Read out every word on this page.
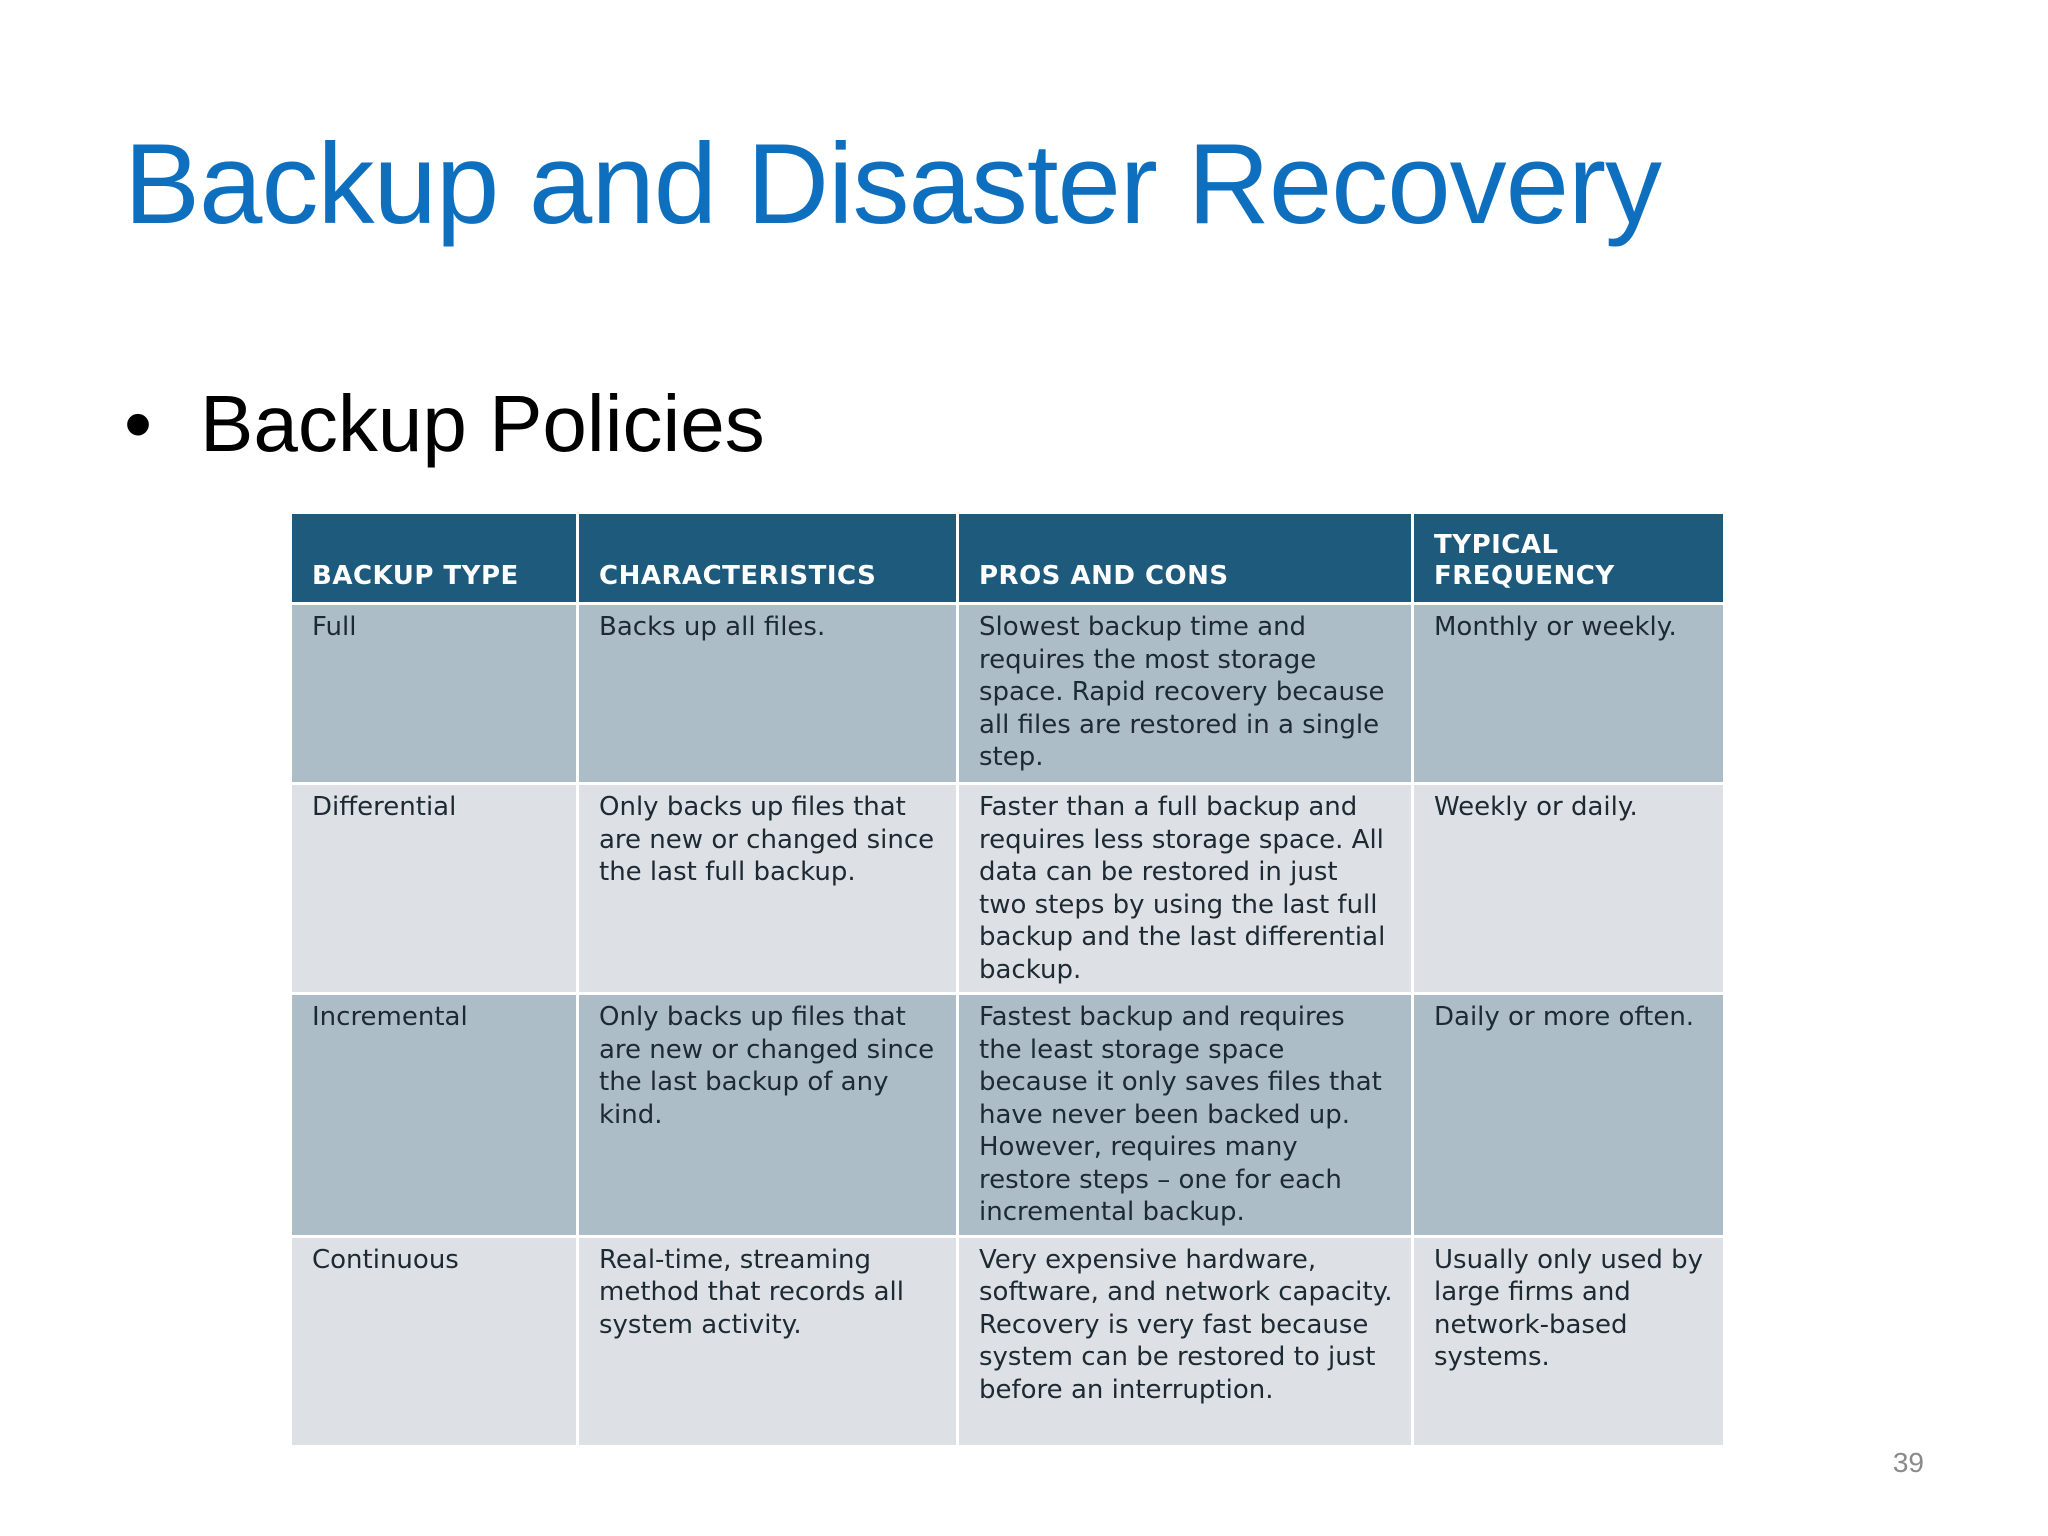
Backup and Disaster Recovery
• Backup Policies
BACKUP TYPE	CHARACTERISTICS	PROS AND CONS	TYPICAL FREQUENCY
Full	Backs up all files.	Slowest backup time and requires the most storage space. Rapid recovery because all files are restored in a single step.	Monthly or weekly.
Differential	Only backs up files that are new or changed since the last full backup.	Faster than a full backup and requires less storage space. All data can be restored in just two steps by using the last full backup and the last differential backup.	Weekly or daily.
Incremental	Only backs up files that are new or changed since the last backup of any kind.	Fastest backup and requires the least storage space because it only saves files that have never been backed up. However, requires many restore steps – one for each incremental backup.	Daily or more often.
Continuous	Real-time, streaming method that records all system activity.	Very expensive hardware, software, and network capacity. Recovery is very fast because system can be restored to just before an interruption.	Usually only used by large firms and network-based systems.
39
